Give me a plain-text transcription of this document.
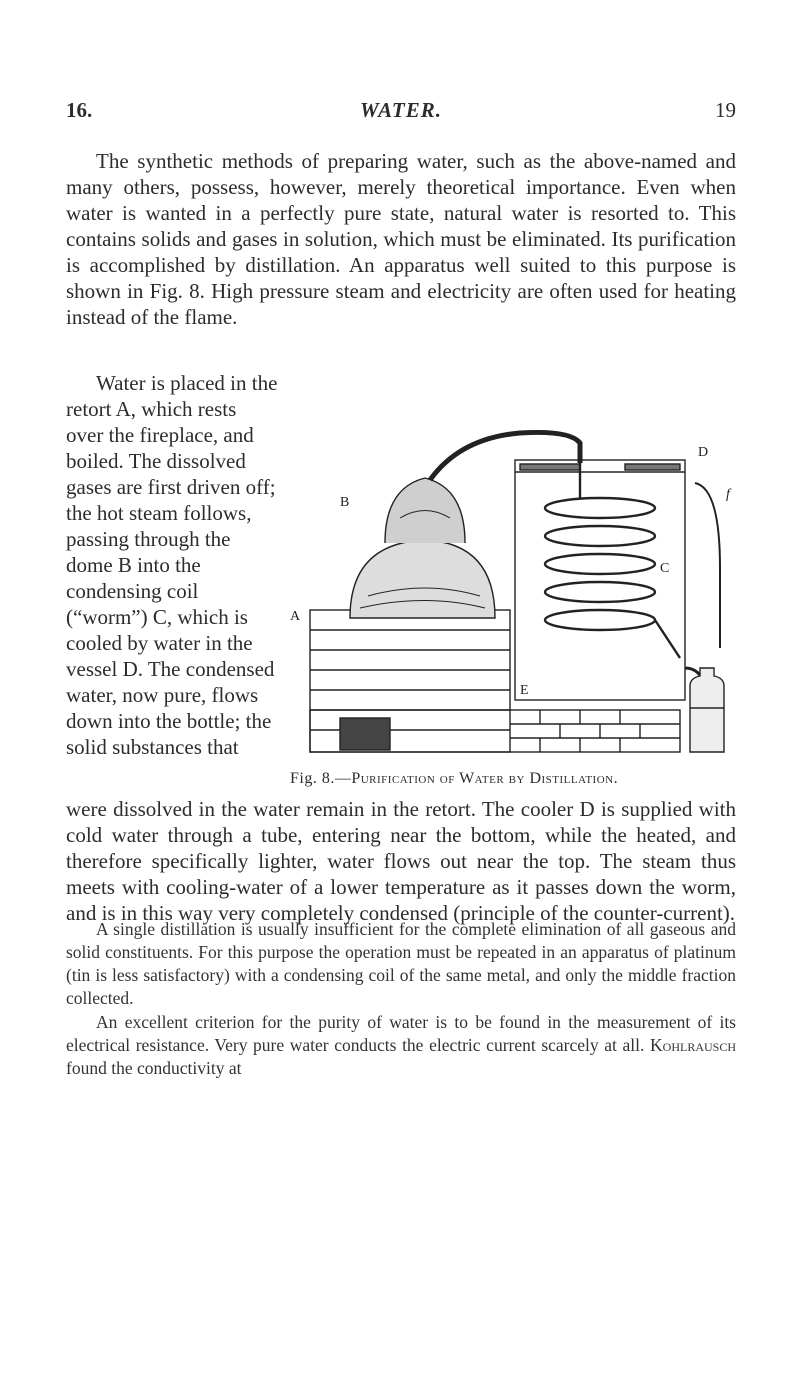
16.	WATER.	19

The synthetic methods of preparing water, such as the above-named and many others, possess, however, merely theoretical importance. Even when water is wanted in a perfectly pure state, natural water is resorted to. This contains solids and gases in solution, which must be eliminated. Its purification is accomplished by distillation. An apparatus well suited to this purpose is shown in Fig. 8. High pressure steam and electricity are often used for heating instead of the flame.

Water is placed in the retort A, which rests over the fireplace, and boiled. The dissolved gases are first driven off; the hot steam follows, passing through the dome B into the condensing coil (“worm”) C, which is cooled by water in the vessel D. The condensed water, now pure, flows down into the bottle; the solid substances that

A
B
C
D
E
f
Fig. 8.—Purification of Water by Distillation.

were dissolved in the water remain in the retort. The cooler D is supplied with cold water through a tube, entering near the bottom, while the heated, and therefore specifically lighter, water flows out near the top. The steam thus meets with cooling-water of a lower temperature as it passes down the worm, and is in this way very completely condensed (principle of the counter-current).

A single distillation is usually insufficient for the complete elimination of all gaseous and solid constituents. For this purpose the operation must be repeated in an apparatus of platinum (tin is less satisfactory) with a condensing coil of the same metal, and only the middle fraction collected.

An excellent criterion for the purity of water is to be found in the measurement of its electrical resistance. Very pure water conducts the electric current scarcely at all. Kohlrausch found the conductivity at
